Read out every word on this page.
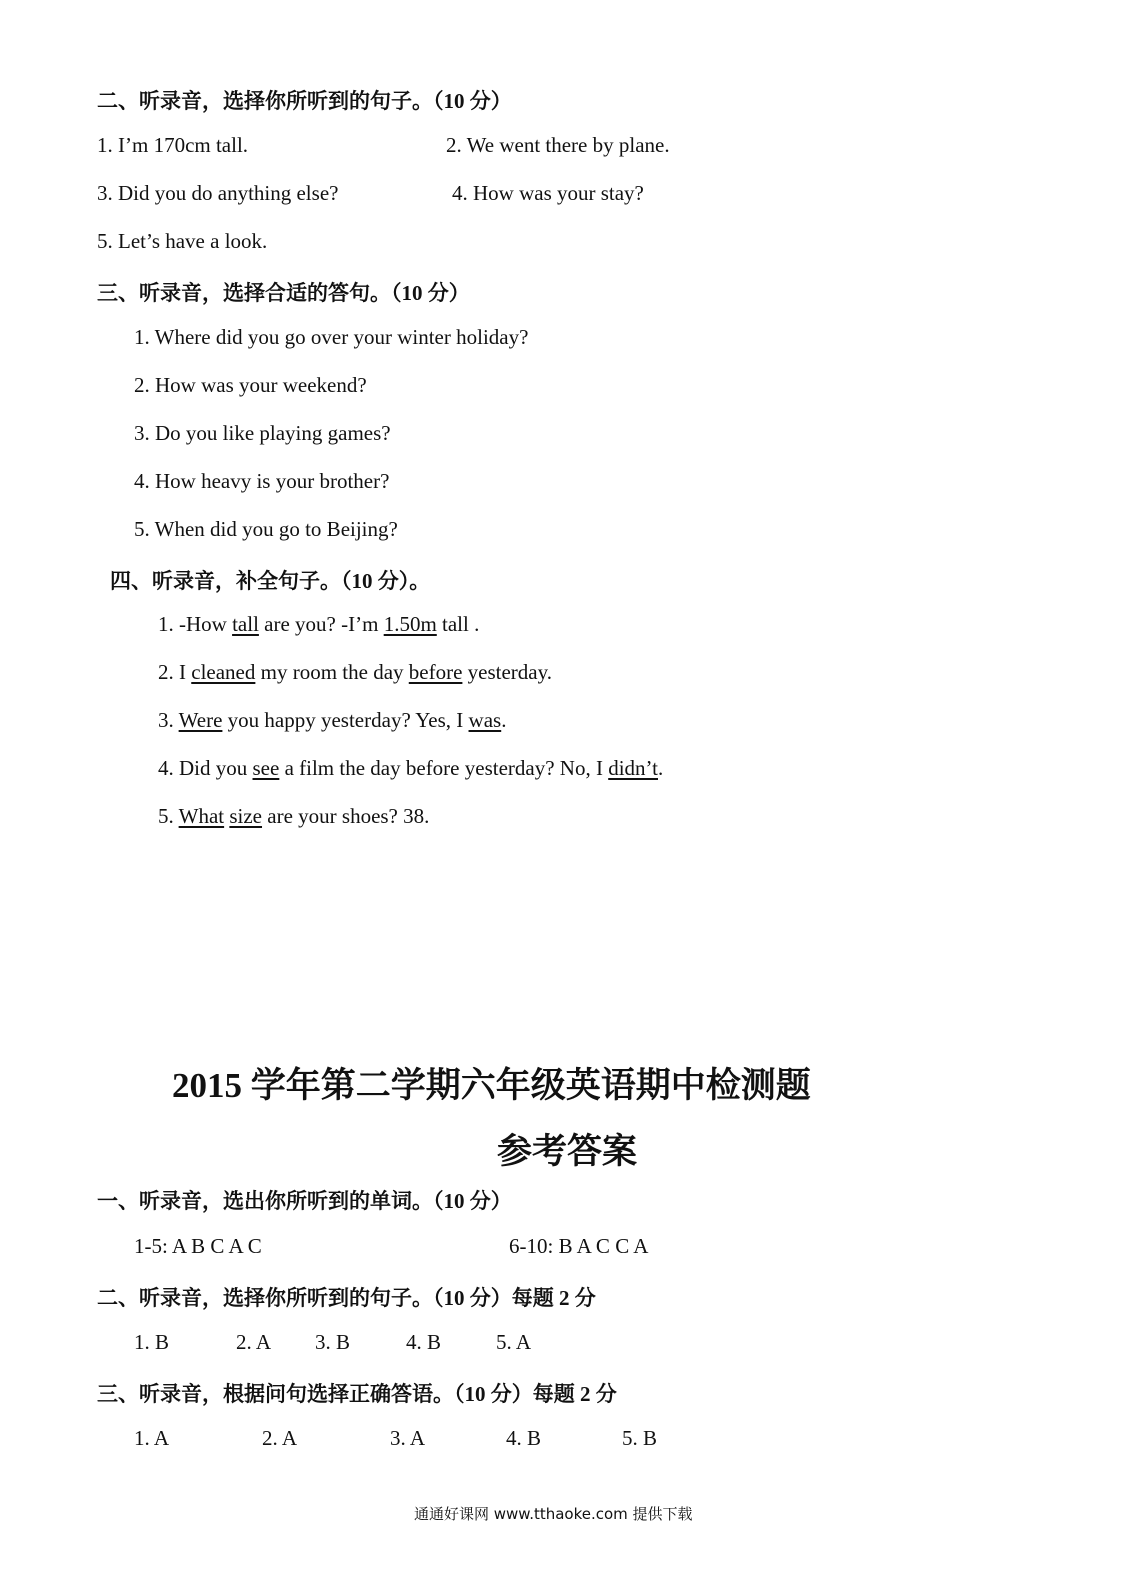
二、听录音，选择你所听到的句子。（10 分）
1. I’m 170cm tall.	2. We went there by plane.
3. Did you do anything else?	4. How was your stay?
5. Let’s have a look.
三、听录音，选择合适的答句。（10 分）
1. Where did you go over your winter holiday?
2. How was your weekend?
3. Do you like playing games?
4. How heavy is your brother?
5. When did you go to Beijing?
四、听录音，补全句子。（10 分）。
1. -How tall are you? -I’m 1.50m tall .
2. I cleaned my room the day before yesterday.
3. Were you happy yesterday? Yes, I was.
4. Did you see a film the day before yesterday? No, I didn’t.
5. What size are your shoes? 38.
2015 学年第二学期六年级英语期中检测题
参考答案
一、听录音，选出你所听到的单词。（10 分）
1-5: A B C A C	6-10: B A C C A
二、听录音，选择你所听到的句子。（10 分）每题 2 分
1. B	2. A 3. B	4. B	5. A
三、听录音，根据问句选择正确答语。（10 分）每题 2 分
1. A	2. A	3. A	4. B	5. B
通通好课网 www.tthaoke.com 提供下载
